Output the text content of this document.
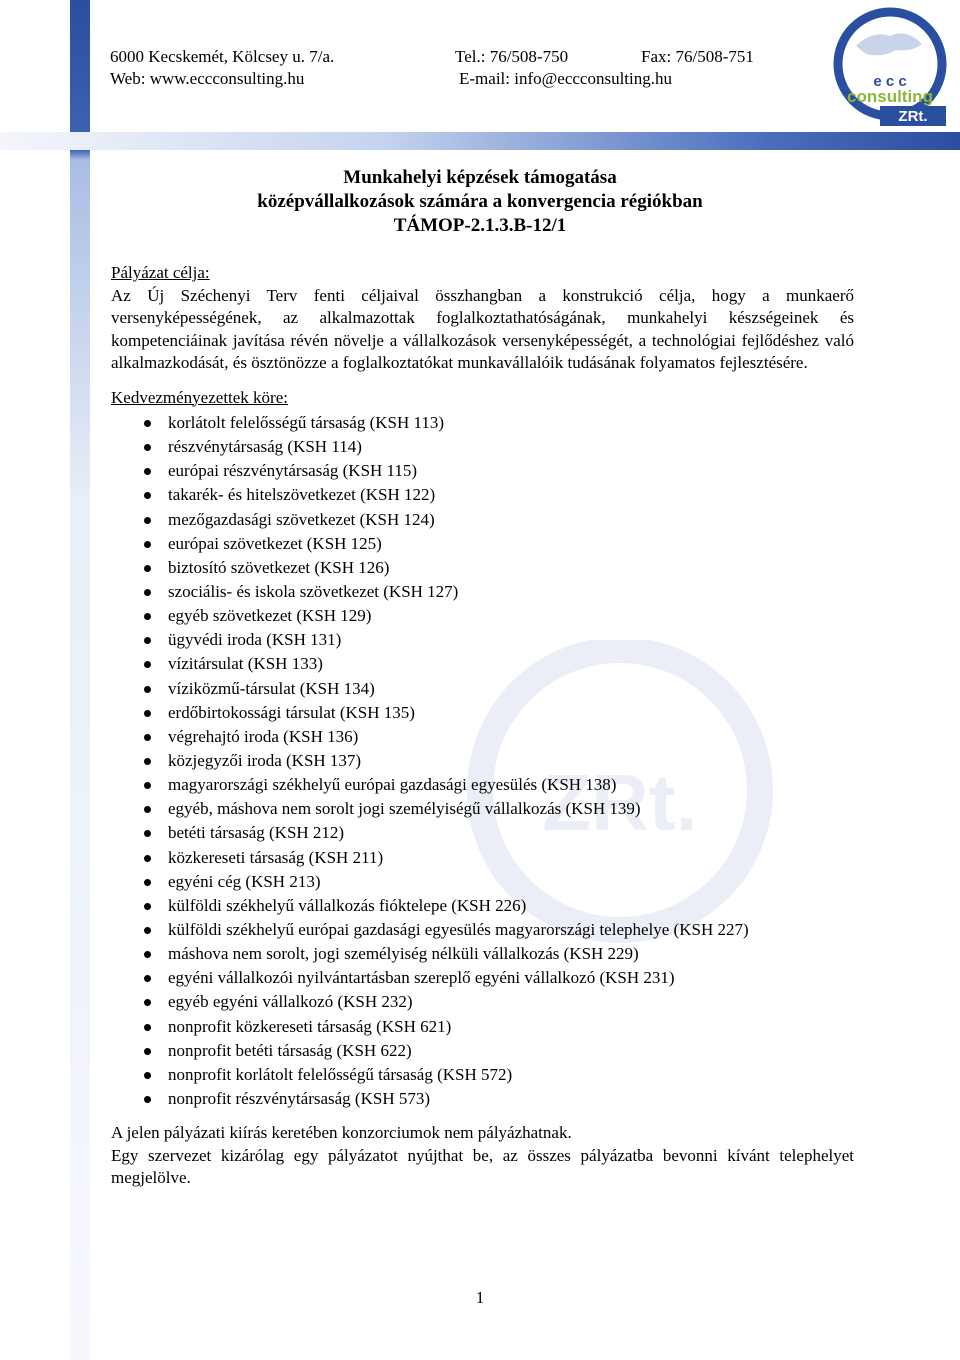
ZRt.
6000 Kecskemét, Kölcsey u. 7/a.	Tel.: 76/508-750	Fax: 76/508-751
Web: www.eccconsulting.hu	E-mail: info@eccconsulting.hu	e c c
consulting
ZRt.
Munkahelyi képzések támogatása
középvállalkozások számára a konvergencia régiókban
TÁMOP-2.1.3.B-12/1

Pályázat célja:

Az Új Széchenyi Terv fenti céljaival összhangban a konstrukció célja, hogy a munkaerő versenyképességének, az alkalmazottak foglalkoztathatóságának, munkahelyi készségeinek és kompetenciáinak javítása révén növelje a vállalkozások versenyképességét, a technológiai fejlődéshez való alkalmazkodását, és ösztönözze a foglalkoztatókat munkavállalóik tudásának folyamatos fejlesztésére.

Kedvezményezettek köre:

korlátolt felelősségű társaság (KSH 113)
részvénytársaság (KSH 114)
európai részvénytársaság (KSH 115)
takarék- és hitelszövetkezet (KSH 122)
mezőgazdasági szövetkezet (KSH 124)
európai szövetkezet (KSH 125)
biztosító szövetkezet (KSH 126)
szociális- és iskola szövetkezet (KSH 127)
egyéb szövetkezet (KSH 129)
ügyvédi iroda (KSH 131)
vízitársulat (KSH 133)
víziközmű-társulat (KSH 134)
erdőbirtokossági társulat (KSH 135)
végrehajtó iroda (KSH 136)
közjegyzői iroda (KSH 137)
magyarországi székhelyű európai gazdasági egyesülés (KSH 138)
egyéb, máshova nem sorolt jogi személyiségű vállalkozás (KSH 139)
betéti társaság (KSH 212)
közkereseti társaság (KSH 211)
egyéni cég (KSH 213)
külföldi székhelyű vállalkozás fióktelepe (KSH 226)
külföldi székhelyű európai gazdasági egyesülés magyarországi telephelye (KSH 227)
máshova nem sorolt, jogi személyiség nélküli vállalkozás (KSH 229)
egyéni vállalkozói nyilvántartásban szereplő egyéni vállalkozó (KSH 231)
egyéb egyéni vállalkozó (KSH 232)
nonprofit közkereseti társaság (KSH 621)
nonprofit betéti társaság (KSH 622)
nonprofit korlátolt felelősségű társaság (KSH 572)
nonprofit részvénytársaság (KSH 573)

A jelen pályázati kiírás keretében konzorciumok nem pályázhatnak.

Egy szervezet kizárólag egy pályázatot nyújthat be, az összes pályázatba bevonni kívánt telephelyet megjelölve.

1
